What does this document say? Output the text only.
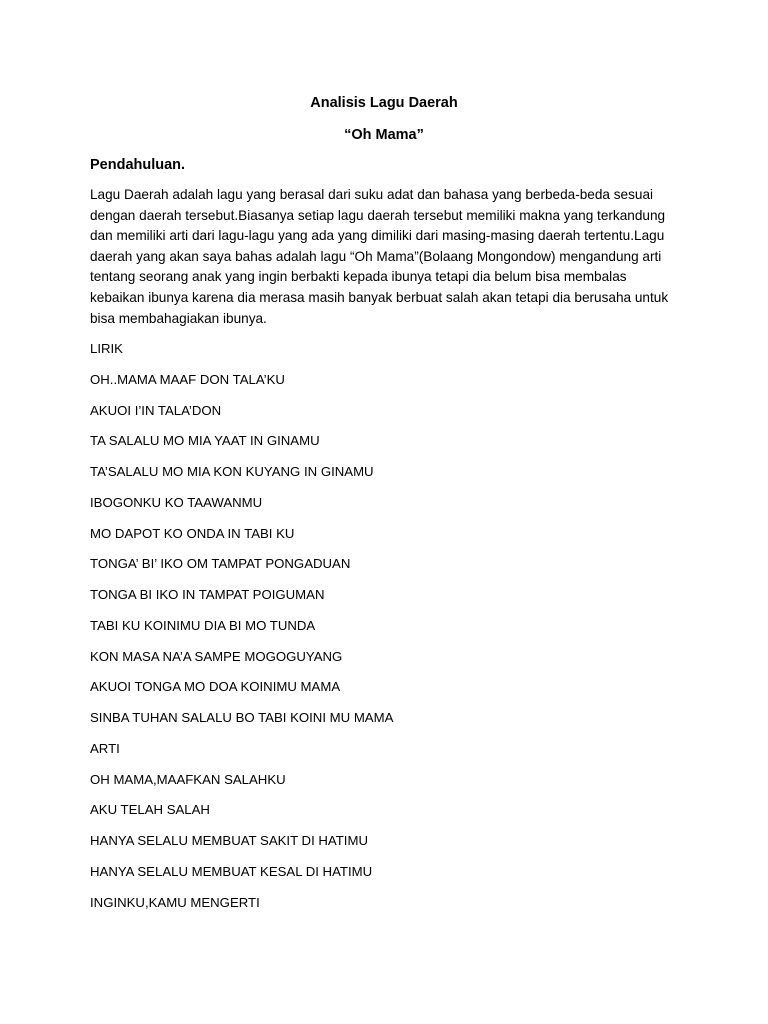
Analisis Lagu Daerah
“Oh Mama”
Pendahuluan.
Lagu Daerah adalah lagu yang berasal dari suku adat dan bahasa yang berbeda-beda sesuai
dengan daerah tersebut.Biasanya setiap lagu daerah tersebut memiliki makna yang terkandung
dan memiliki arti dari lagu-lagu yang ada yang dimiliki dari masing-masing daerah tertentu.Lagu
daerah yang akan saya bahas adalah lagu “Oh Mama”(Bolaang Mongondow) mengandung arti
tentang seorang anak yang ingin berbakti kepada ibunya tetapi dia belum bisa membalas
kebaikan ibunya karena dia merasa masih banyak berbuat salah akan tetapi dia berusaha untuk
bisa membahagiakan ibunya.
LIRIK
OH..MAMA MAAF DON TALA’KU
AKUOI I’IN TALA’DON
TA SALALU MO MIA YAAT IN GINAMU
TA’SALALU MO MIA KON KUYANG IN GINAMU
IBOGONKU KO TAAWANMU
MO DAPOT KO ONDA IN TABI KU
TONGA’ BI’ IKO OM TAMPAT PONGADUAN
TONGA BI IKO IN TAMPAT POIGUMAN
TABI KU KOINIMU DIA BI MO TUNDA
KON MASA NA’A SAMPE MOGOGUYANG
AKUOI TONGA MO DOA KOINIMU MAMA
SINBA TUHAN SALALU BO TABI KOINI MU MAMA
ARTI
OH MAMA,MAAFKAN SALAHKU
AKU TELAH SALAH
HANYA SELALU MEMBUAT SAKIT DI HATIMU
HANYA SELALU MEMBUAT KESAL DI HATIMU
INGINKU,KAMU MENGERTI
